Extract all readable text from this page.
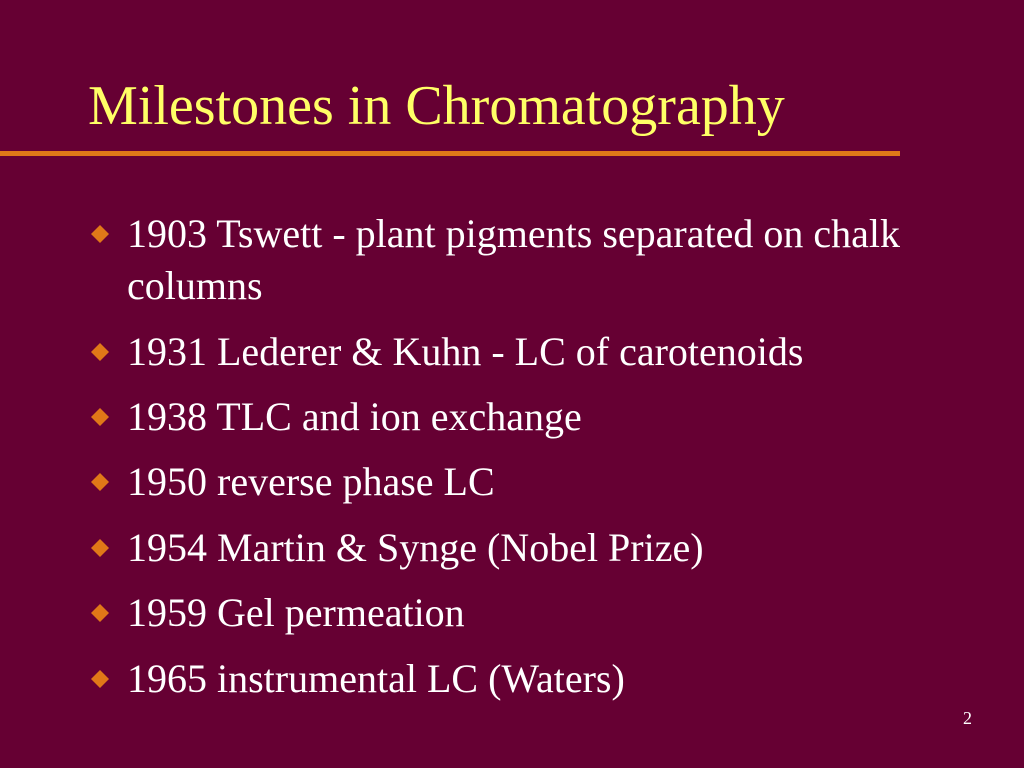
Milestones in Chromatography
1903 Tswett - plant pigments separated on chalk columns
1931 Lederer & Kuhn - LC of carotenoids
1938 TLC and ion exchange
1950 reverse phase LC
1954 Martin & Synge (Nobel Prize)
1959 Gel permeation
1965 instrumental LC (Waters)
2
